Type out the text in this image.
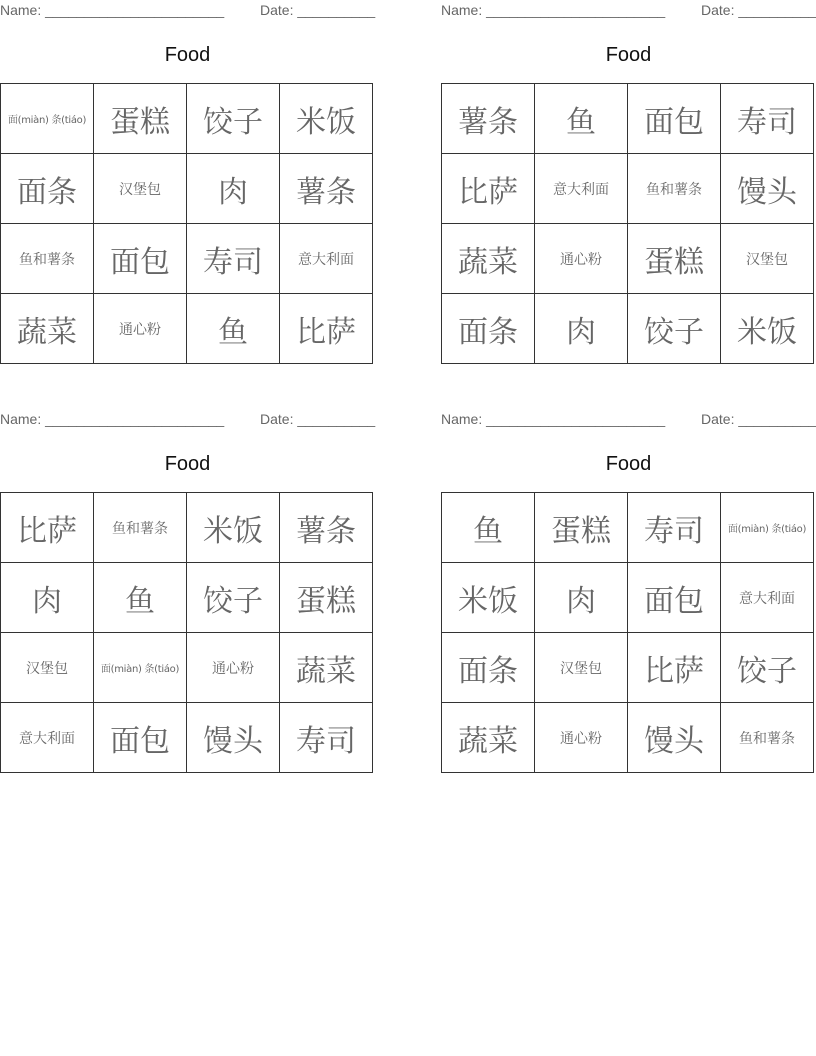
Name: _______________________	Date: __________
Food
面(miàn) 条(tiáo)	蛋糕	饺子	米饭
面条	汉堡包	肉	薯条
鱼和薯条	面包	寿司	意大利面
蔬菜	通心粉	鱼	比萨
Name: _______________________	Date: __________
Food
薯条	鱼	面包	寿司
比萨	意大利面	鱼和薯条	馒头
蔬菜	通心粉	蛋糕	汉堡包
面条	肉	饺子	米饭
Name: _______________________	Date: __________
Food
比萨	鱼和薯条	米饭	薯条
肉	鱼	饺子	蛋糕
汉堡包	面(miàn) 条(tiáo)	通心粉	蔬菜
意大利面	面包	馒头	寿司
Name: _______________________	Date: __________
Food
鱼	蛋糕	寿司	面(miàn) 条(tiáo)
米饭	肉	面包	意大利面
面条	汉堡包	比萨	饺子
蔬菜	通心粉	馒头	鱼和薯条
